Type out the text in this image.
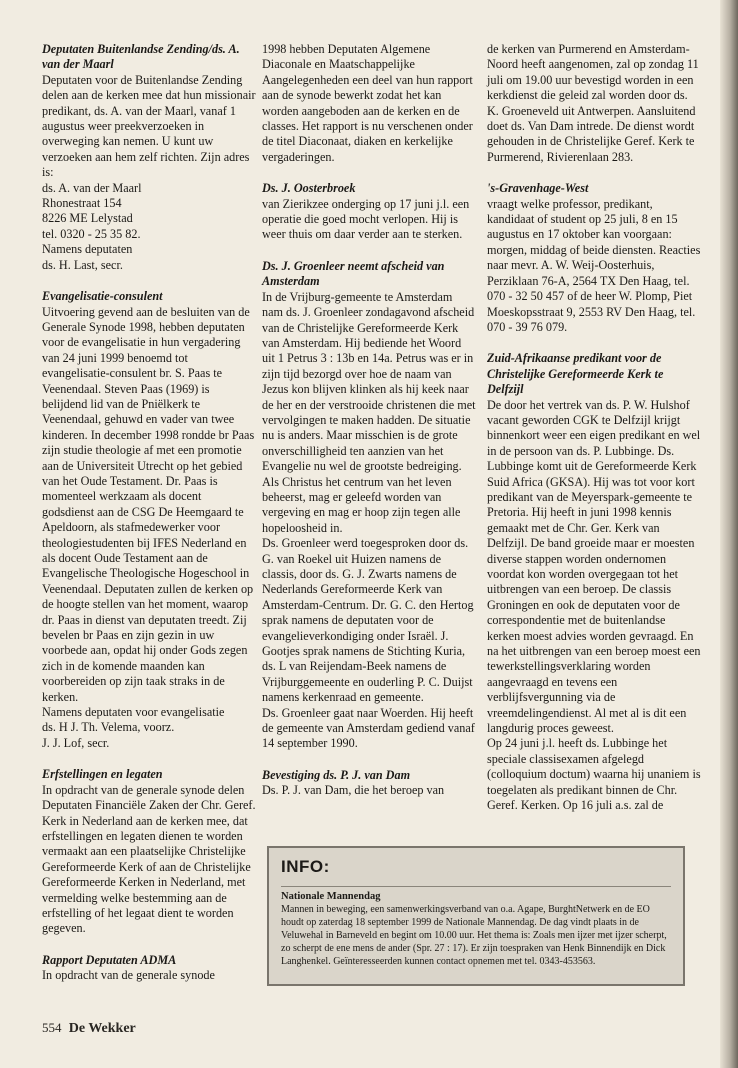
Deputaten Buitenlandse Zending/ds. A. van der Maarl

Deputaten voor de Buitenlandse Zending delen aan de kerken mee dat hun missionair predikant, ds. A. van der Maarl, vanaf 1 augustus weer preekverzoeken in overweging kan nemen. U kunt uw verzoeken aan hem zelf richten. Zijn adres is:
ds. A. van der Maarl
Rhonestraat 154
8226 ME Lelystad
tel. 0320 - 25 35 82.
Namens deputaten
ds. H. Last, secr.

Evangelisatie-consulent

Uitvoering gevend aan de besluiten van de Generale Synode 1998, hebben deputaten voor de evangelisatie in hun vergadering van 24 juni 1999 benoemd tot evangelisatie-consulent br. S. Paas te Veenendaal. Steven Paas (1969) is belijdend lid van de Pniëlkerk te Veenendaal, gehuwd en vader van twee kinderen. In december 1998 rondde br Paas zijn studie theologie af met een promotie aan de Universiteit Utrecht op het gebied van het Oude Testament. Dr. Paas is momenteel werkzaam als docent godsdienst aan de CSG De Heemgaard te Apeldoorn, als stafmedewerker voor theologiestudenten bij IFES Nederland en als docent Oude Testament aan de Evangelische Theologische Hogeschool in Veenendaal. Deputaten zullen de kerken op de hoogte stellen van het moment, waarop dr. Paas in dienst van deputaten treedt. Zij bevelen br Paas en zijn gezin in uw voorbede aan, opdat hij onder Gods zegen zich in de komende maanden kan voorbereiden op zijn taak straks in de kerken.
Namens deputaten voor evangelisatie
ds. H J. Th. Velema, voorz.
J. J. Lof, secr.

Erfstellingen en legaten

In opdracht van de generale synode delen Deputaten Financiële Zaken der Chr. Geref. Kerk in Nederland aan de kerken mee, dat erfstellingen en legaten dienen te worden vermaakt aan een plaatselijke Christelijke Gereformeerde Kerk of aan de Christelijke Gereformeerde Kerken in Nederland, met vermelding welke bestemming aan de erfstelling of het legaat dient te worden gegeven.

Rapport Deputaten ADMA

In opdracht van de generale synode

1998 hebben Deputaten Algemene Diaconale en Maatschappelijke Aangelegenheden een deel van hun rapport aan de synode bewerkt zodat het kan worden aangeboden aan de kerken en de classes. Het rapport is nu verschenen onder de titel Diaconaat, diaken en kerkelijke vergaderingen.

Ds. J. Oosterbroek

van Zierikzee onderging op 17 juni j.l. een operatie die goed mocht verlopen. Hij is weer thuis om daar verder aan te sterken.

Ds. J. Groenleer neemt afscheid van Amsterdam

In de Vrijburg-gemeente te Amsterdam nam ds. J. Groenleer zondagavond afscheid van de Christelijke Gereformeerde Kerk van Amsterdam. Hij bediende het Woord uit 1 Petrus 3 : 13b en 14a. Petrus was er in zijn tijd bezorgd over hoe de naam van Jezus kon blijven klinken als hij keek naar de her en der verstrooide christenen die met vervolgingen te maken hadden. De situatie nu is anders. Maar misschien is de grote onverschilligheid ten aanzien van het Evangelie nu wel de grootste bedreiging. Als Christus het centrum van het leven beheerst, mag er geleefd worden van vergeving en mag er hoop zijn tegen alle hopeloosheid in.
Ds. Groenleer werd toegesproken door ds. G. van Roekel uit Huizen namens de classis, door ds. G. J. Zwarts namens de Nederlands Gereformeerde Kerk van Amsterdam-Centrum. Dr. G. C. den Hertog sprak namens de deputaten voor de evangelieverkondiging onder Israël. J. Gootjes sprak namens de Stichting Kuria, ds. L van Reijendam-Beek namens de Vrijburggemeente en ouderling P. C. Duijst namens kerkenraad en gemeente.
Ds. Groenleer gaat naar Woerden. Hij heeft de gemeente van Amsterdam gediend vanaf 14 september 1990.

Bevestiging ds. P. J. van Dam

Ds. P. J. van Dam, die het beroep van

de kerken van Purmerend en Amsterdam-Noord heeft aangenomen, zal op zondag 11 juli om 19.00 uur bevestigd worden in een kerkdienst die geleid zal worden door ds. K. Groeneveld uit Antwerpen. Aansluitend doet ds. Van Dam intrede. De dienst wordt gehouden in de Christelijke Geref. Kerk te Purmerend, Rivierenlaan 283.

's-Gravenhage-West

vraagt welke professor, predikant, kandidaat of student op 25 juli, 8 en 15 augustus en 17 oktober kan voorgaan: morgen, middag of beide diensten. Reacties naar mevr. A. W. Weij-Oosterhuis, Perziklaan 76-A, 2564 TX Den Haag, tel. 070 - 32 50 457 of de heer W. Plomp, Piet Moeskopsstraat 9, 2553 RV Den Haag, tel. 070 - 39 76 079.

Zuid-Afrikaanse predikant voor de Christelijke Gereformeerde Kerk te Delfzijl

De door het vertrek van ds. P. W. Hulshof vacant geworden CGK te Delfzijl krijgt binnenkort weer een eigen predikant en wel in de persoon van ds. P. Lubbinge. Ds. Lubbinge komt uit de Gereformeerde Kerk Suid Africa (GKSA). Hij was tot voor kort predikant van de Meyerspark-gemeente te Pretoria. Hij heeft in juni 1998 kennis gemaakt met de Chr. Ger. Kerk van Delfzijl. De band groeide maar er moesten diverse stappen worden ondernomen voordat kon worden overgegaan tot het uitbrengen van een beroep. De classis Groningen en ook de deputaten voor de correspondentie met de buitenlandse kerken moest advies worden gevraagd. En na het uitbrengen van een beroep moest een tewerkstellingsverklaring worden aangevraagd en tevens een verblijfsvergunning via de vreemdelingendienst. Al met al is dit een langdurig proces geweest.
Op 24 juni j.l. heeft ds. Lubbinge het speciale classisexamen afgelegd (colloquium doctum) waarna hij unaniem is toegelaten als predikant binnen de Chr. Geref. Kerken. Op 16 juli a.s. zal de

INFO:

Nationale Mannendag

Mannen in beweging, een samenwerkingsverband van o.a. Agape, BurghtNetwerk en de EO houdt op zaterdag 18 september 1999 de Nationale Mannendag. De dag vindt plaats in de Veluwehal in Barneveld en begint om 10.00 uur. Het thema is: Zoals men ijzer met ijzer scherpt, zo scherpt de ene mens de ander (Spr. 27 : 17). Er zijn toespraken van Henk Binnendijk en Dick Langhenkel. Geïnteresseerden kunnen contact opnemen met tel. 0343-453563.

554 De Wekker
